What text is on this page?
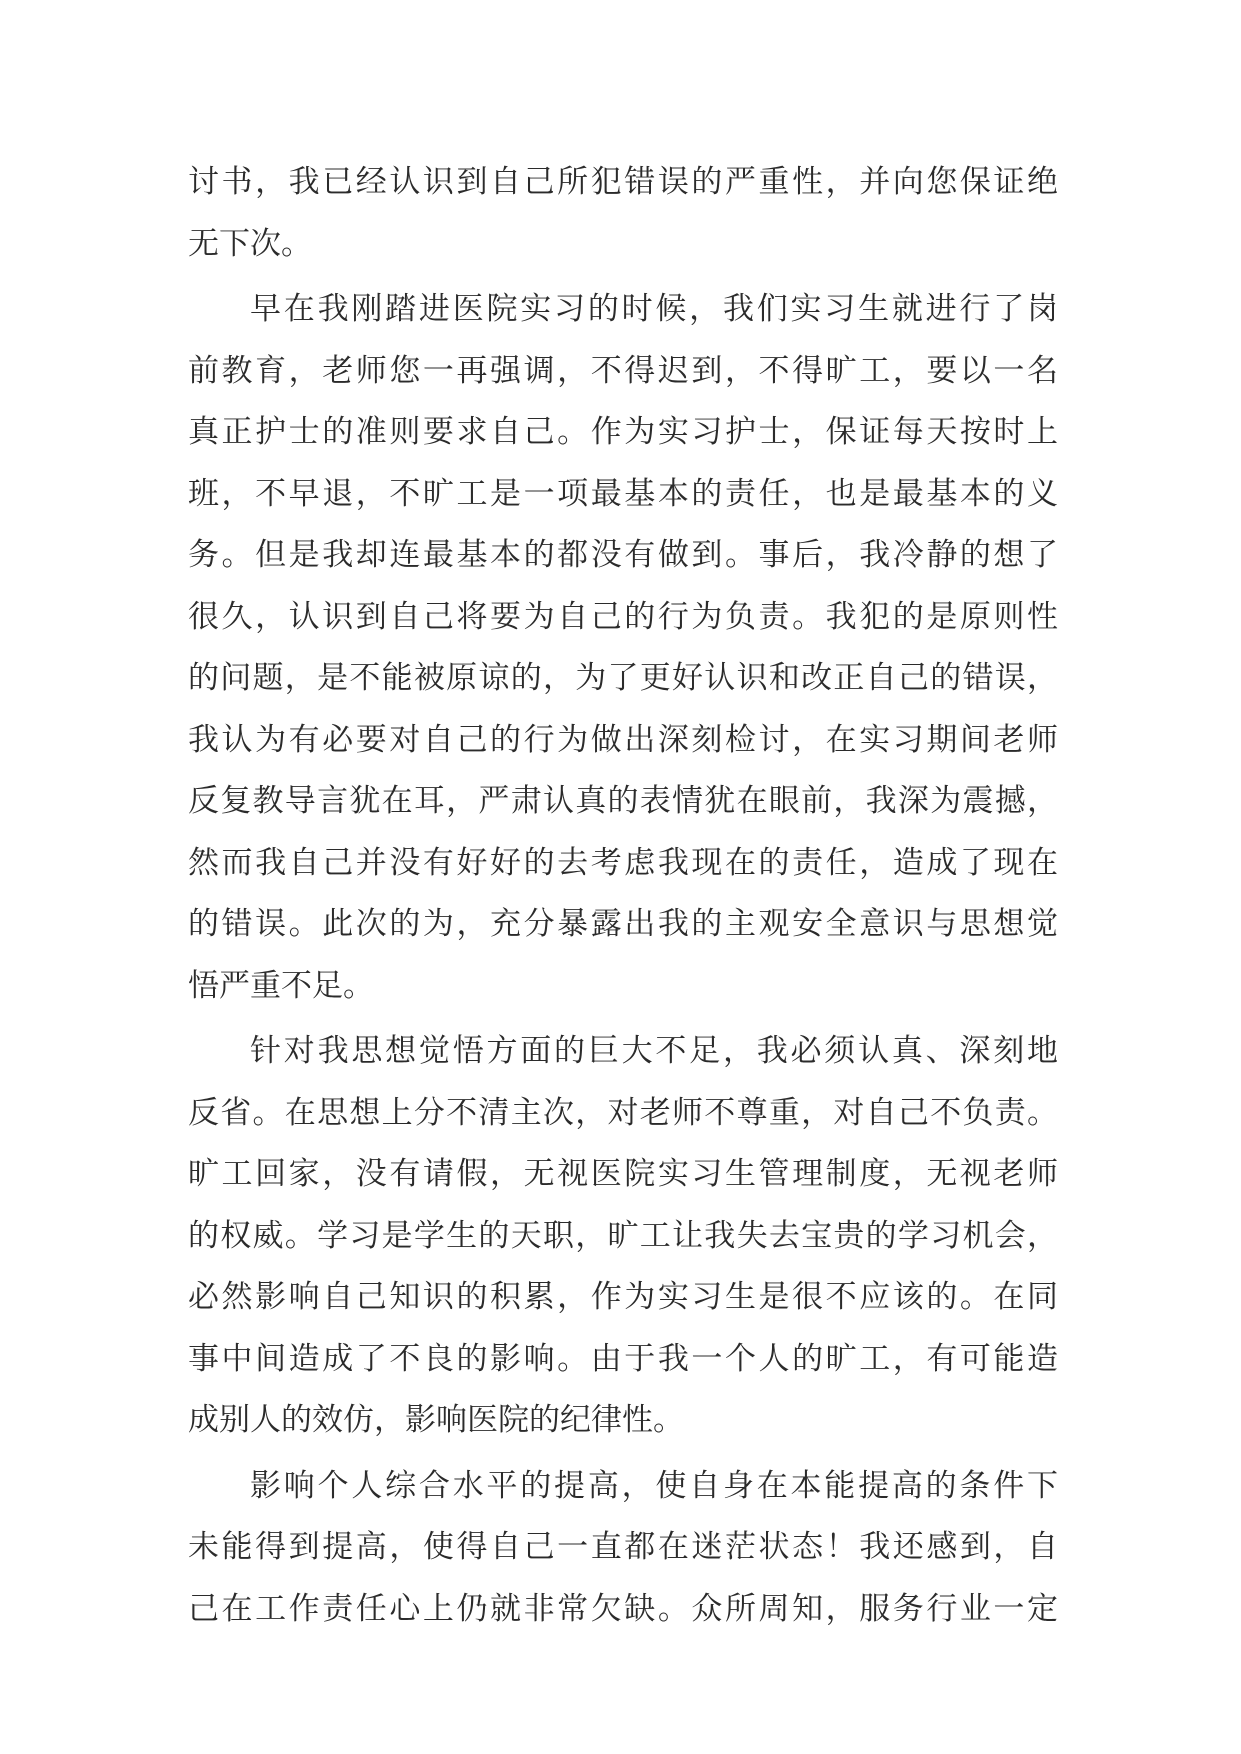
讨书，我已经认识到自己所犯错误的严重性，并向您保证绝
无下次。
早在我刚踏进医院实习的时候，我们实习生就进行了岗
前教育，老师您一再强调，不得迟到，不得旷工，要以一名
真正护士的准则要求自己。作为实习护士，保证每天按时上
班，不早退，不旷工是一项最基本的责任，也是最基本的义
务。但是我却连最基本的都没有做到。事后，我冷静的想了
很久，认识到自己将要为自己的行为负责。我犯的是原则性
的问题，是不能被原谅的，为了更好认识和改正自己的错误，
我认为有必要对自己的行为做出深刻检讨，在实习期间老师
反复教导言犹在耳，严肃认真的表情犹在眼前，我深为震撼，
然而我自己并没有好好的去考虑我现在的责任，造成了现在
的错误。此次的为，充分暴露出我的主观安全意识与思想觉
悟严重不足。
针对我思想觉悟方面的巨大不足，我必须认真、深刻地
反省。在思想上分不清主次，对老师不尊重，对自己不负责。
旷工回家，没有请假，无视医院实习生管理制度，无视老师
的权威。学习是学生的天职，旷工让我失去宝贵的学习机会，
必然影响自己知识的积累，作为实习生是很不应该的。在同
事中间造成了不良的影响。由于我一个人的旷工，有可能造
成别人的效仿，影响医院的纪律性。
影响个人综合水平的提高，使自身在本能提高的条件下
未能得到提高，使得自己一直都在迷茫状态！我还感到，自
己在工作责任心上仍就非常欠缺。众所周知，服务行业一定
